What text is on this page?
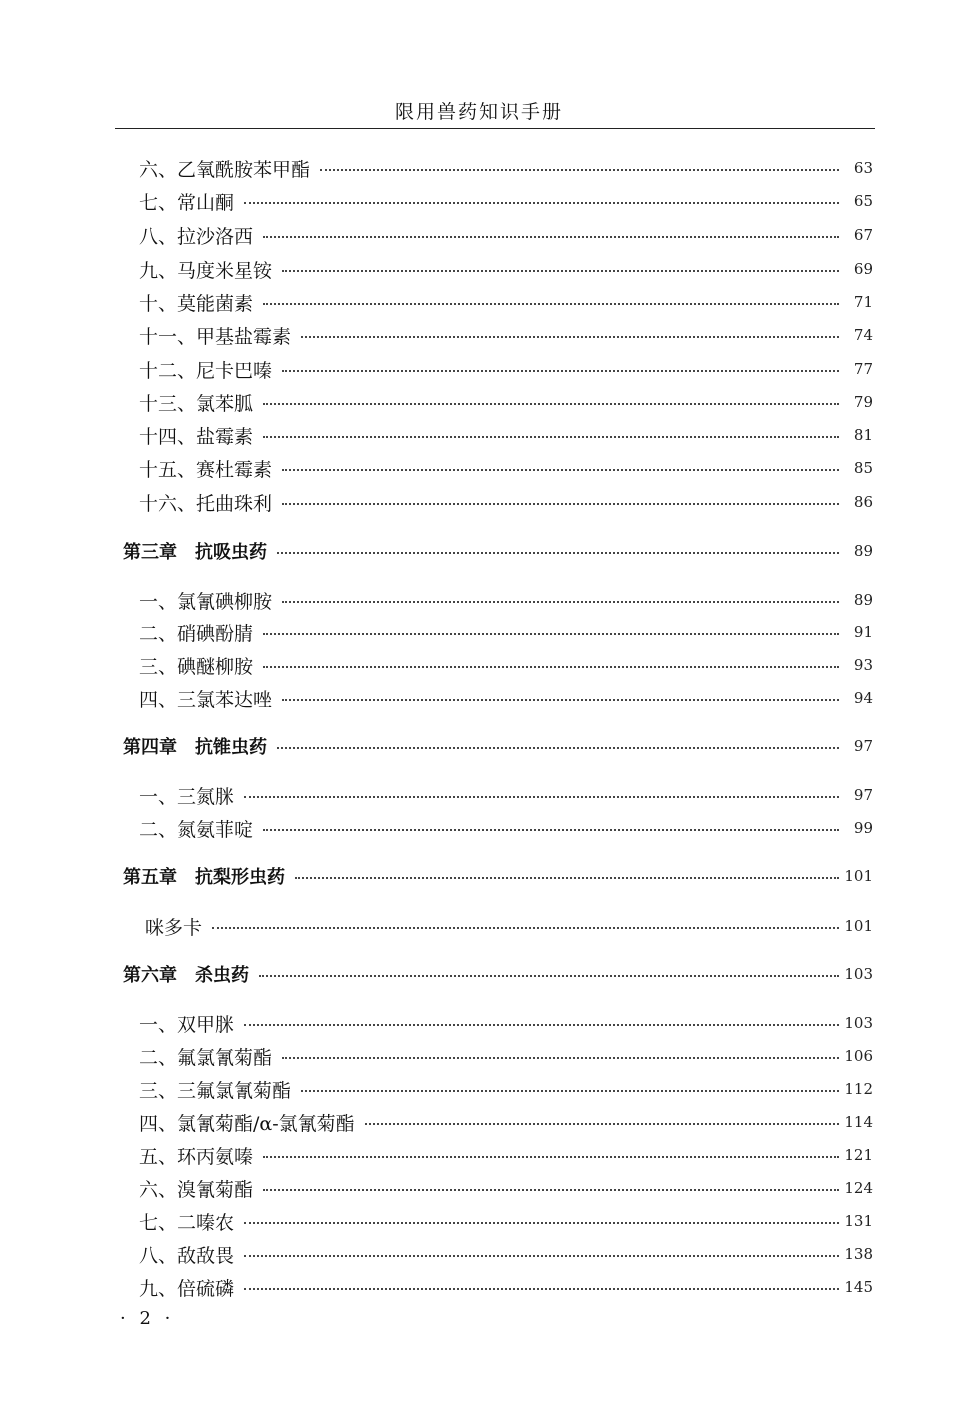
限用兽药知识手册
六、乙氧酰胺苯甲酯	63
七、常山酮	65
八、拉沙洛西	67
九、马度米星铵	69
十、莫能菌素	71
十一、甲基盐霉素	74
十二、尼卡巴嗪	77
十三、氯苯胍	79
十四、盐霉素	81
十五、赛杜霉素	85
十六、托曲珠利	86
第三章　抗吸虫药	89
一、氯氰碘柳胺	89
二、硝碘酚腈	91
三、碘醚柳胺	93
四、三氯苯达唑	94
第四章　抗锥虫药	97
一、三氮脒	97
二、氮氨菲啶	99
第五章　抗梨形虫药	101
咪多卡	101
第六章　杀虫药	103
一、双甲脒	103
二、氟氯氰菊酯	106
三、三氟氯氰菊酯	112
四、氯氰菊酯/α-氯氰菊酯	114
五、环丙氨嗪	121
六、溴氰菊酯	124
七、二嗪农	131
八、敌敌畏	138
九、倍硫磷	145
· 2 ·
